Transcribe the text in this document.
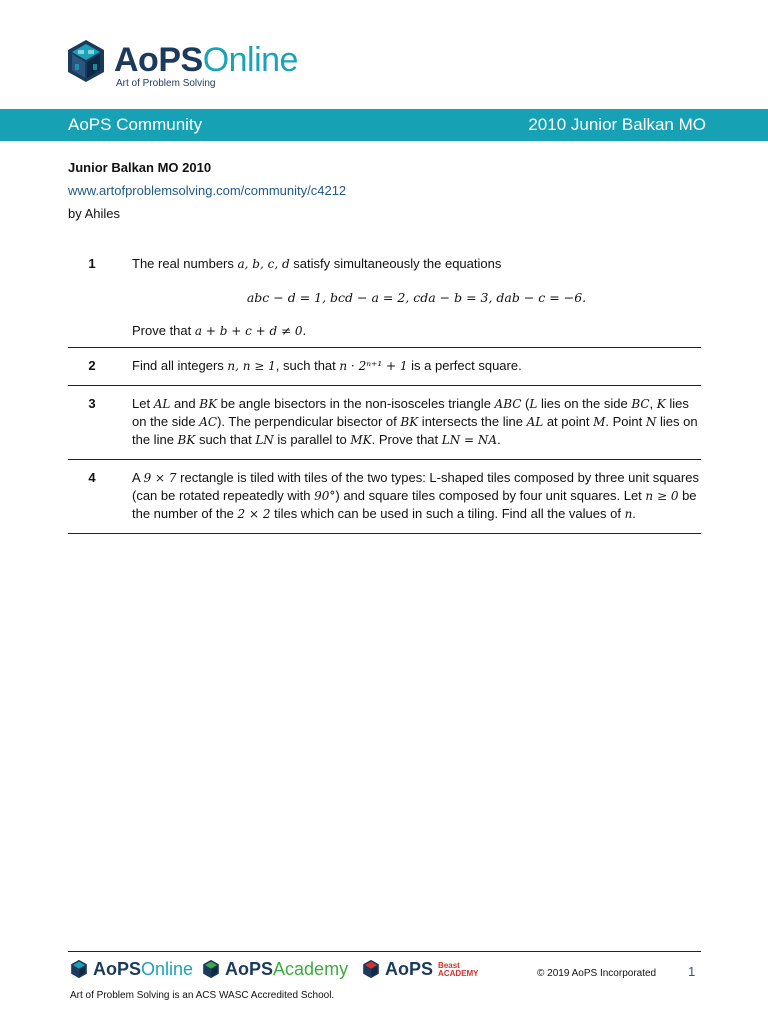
AoPSOnline
Art of Problem Solving
AoPS Community	2010 Junior Balkan MO
Junior Balkan MO 2010
www.artofproblemsolving.com/community/c4212
by Ahiles
1	The real numbers a, b, c, d satisfy simultaneously the equations
abc − d = 1, bcd − a = 2, cda − b = 3, dab − c = −6.
Prove that a + b + c + d ≠ 0.
2	Find all integers n, n ≥ 1, such that n · 2ⁿ⁺¹ + 1 is a perfect square.
3	Let AL and BK be angle bisectors in the non-isosceles triangle ABC (L lies on the side BC, K lies on the side AC). The perpendicular bisector of BK intersects the line AL at point M. Point N lies on the line BK such that LN is parallel to MK. Prove that LN = NA.
4	A 9 × 7 rectangle is tiled with tiles of the two types: L-shaped tiles composed by three unit squares (can be rotated repeatedly with 90°) and square tiles composed by four unit squares. Let n ≥ 0 be the number of the 2 × 2 tiles which can be used in such a tiling. Find all the values of n.
AoPSOnline	AoPSAcademy	AoPS Beast
ACADEMY	© 2019 AoPS Incorporated 1
Art of Problem Solving is an ACS WASC Accredited School.
